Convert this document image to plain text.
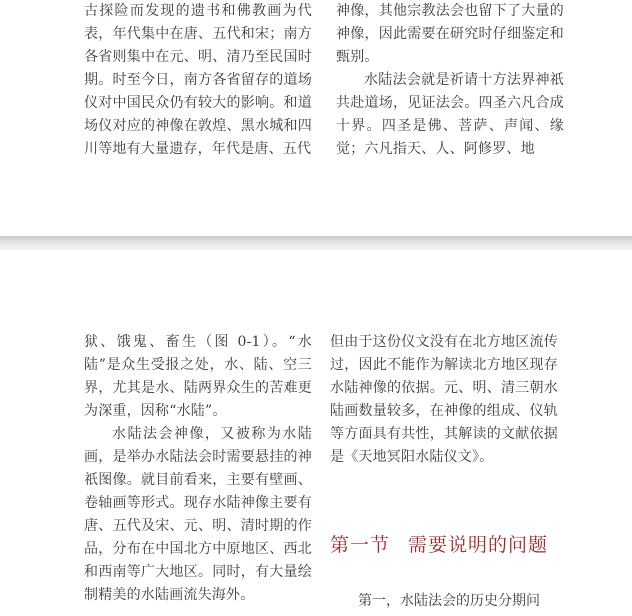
古探险而发现的遗书和佛教画为代表，年代集中在唐、五代和宋；南方各省则集中在元、明、清乃至民国时期。时至今日，南方各省留存的道场仪对中国民众仍有较大的影响。和道场仪对应的神像在敦煌、黑水城和四川等地有大量遗存，年代是唐、五代

神像，其他宗教法会也留下了大量的神像，因此需要在研究时仔细鉴定和甄别。

水陆法会就是祈请十方法界神祇共赴道场，见证法会。四圣六凡合成十界。四圣是佛、菩萨、声闻、缘觉；六凡指天、人、阿修罗、地

狱、饿鬼、畜生（图 0-1）。“水陆”是众生受报之处，水、陆、空三界，尤其是水、陆两界众生的苦难更为深重，因称“水陆”。

水陆法会神像，又被称为水陆画，是举办水陆法会时需要悬挂的神祇图像。就目前看来，主要有壁画、卷轴画等形式。现存水陆神像主要有唐、五代及宋、元、明、清时期的作品，分布在中国北方中原地区、西北和西南等广大地区。同时，有大量绘制精美的水陆画流失海外。

但由于这份仪文没有在北方地区流传过，因此不能作为解读北方地区现存水陆神像的依据。元、明、清三朝水陆画数量较多，在神像的组成、仪轨等方面具有共性，其解读的文献依据是《天地冥阳水陆仪文》。

第一节 需要说明的问题
第一，水陆法会的历史分期问
